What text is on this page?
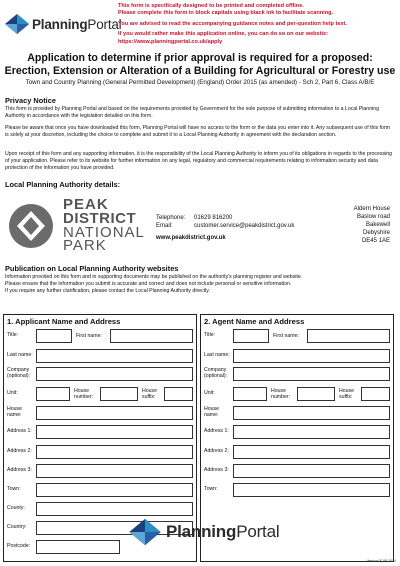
PlanningPortal

This form is specifically designed to be printed and completed offline.

Please complete this form in block capitals using black ink to facilitate scanning.

You are advised to read the accompanying guidance notes and per-question help text.

If you would rather make this application online, you can do so on our website:

https://www.planningportal.co.uk/apply

Application to determine if prior approval is required for a proposed:
Erection, Extension or Alteration of a Building for Agricultural or Forestry use
Town and Country Planning (General Permitted Development) (England) Order 2015 (as amended) - Sch 2, Part 6, Class A/B/E
Privacy Notice
This form is provided by Planning Portal and based on the requirements provided by Government for the sole purpose of submitting information to a Local Planning Authority in accordance with the legislation detailed on this form.
Please be aware that once you have downloaded this form, Planning Portal will have no access to the form or the data you enter into it. Any subsequent use of this form is solely at your discretion, including the choice to complete and submit it to a Local Planning Authority in agreement with the declaration section.
Upon receipt of this form and any supporting information, it is the responsibility of the Local Planning Authority to inform you of its obligations in regards to the processing of your application. Please refer to its website for further information on any legal, regulatory and commercial requirements relating to information security and data protection of the information you have provided.
Local Planning Authority details:
PEAK
DISTRICT
NATIONAL
PARK
Telephone:	01629 816200
Email:	customer.service@peakdistrict.gov.uk
www.peakdistrict.gov.uk
Aldern House
Baslow road
Bakewell
Debyshire
DE45 1AE
Publication on Local Planning Authority websites
Information provided on this form and in supporting documents may be published on the authority's planning register and website.
Please ensure that the information you submit is accurate and correct and does not include personal or sensitive information.
If you require any further clarification, please contact the Local Planning Authority directly.
1. Applicant Name and Address
Title:	First name:
Last name:
Company (optional):
Unit:	House number:
House suffix:
House name:
Address 1:
Address 2:
Address 3:
Town:
County:
Country:
Postcode:
2. Agent Name and Address
Title:	First name:
Last name:
Company (optional):
Unit:	House number:
House suffix:
House name:
Address 1:
Address 2:
Address 3:
Town:
PlanningPortal
Version 0CAB 2024
